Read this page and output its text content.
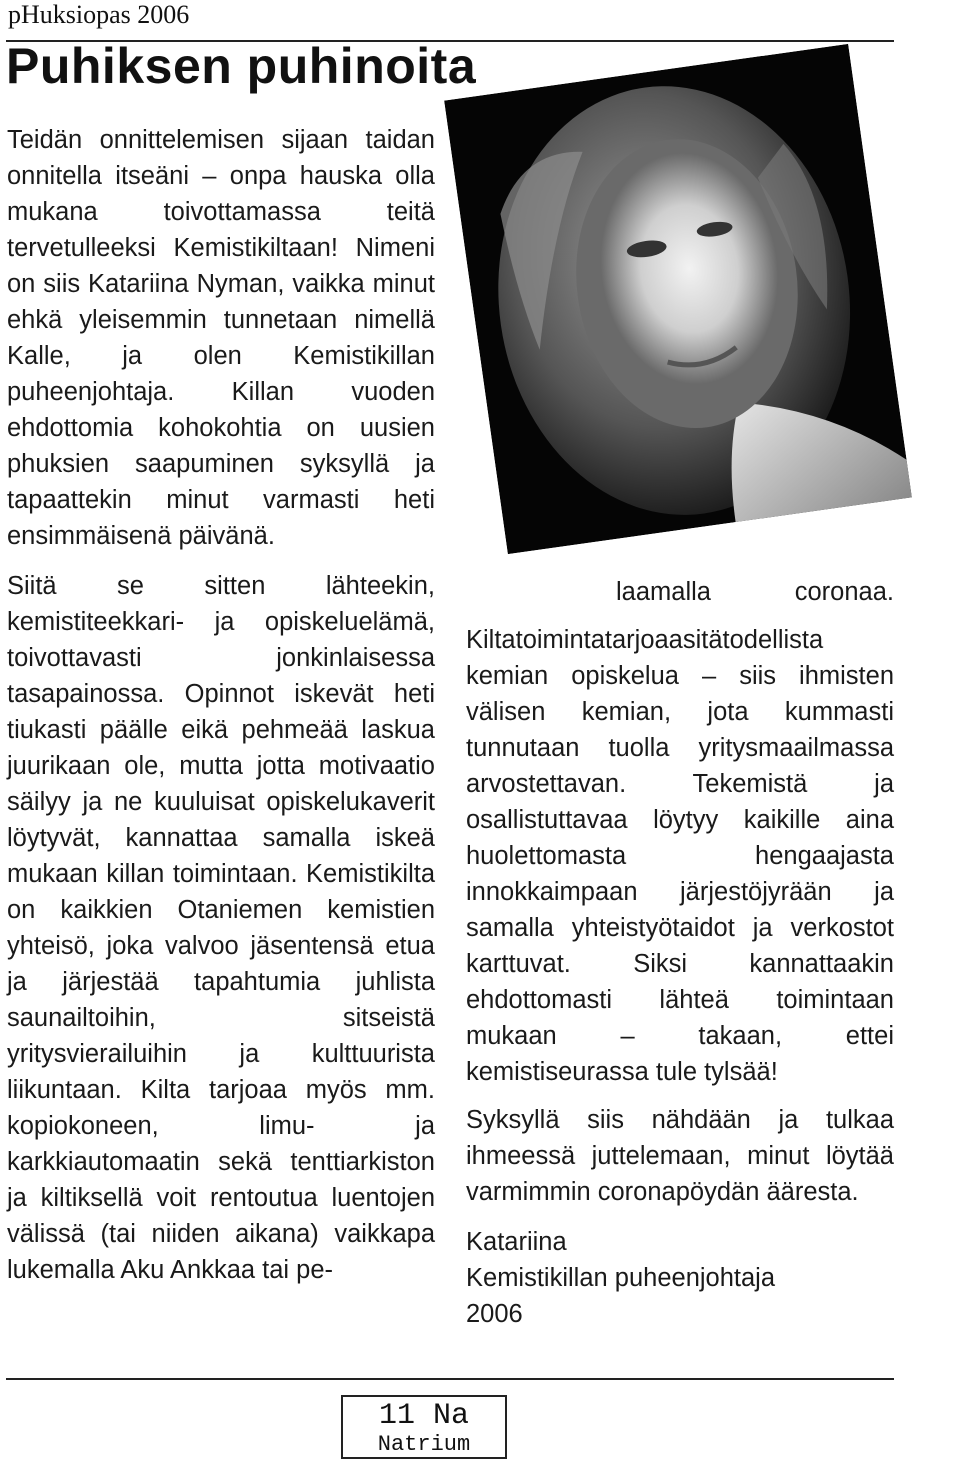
pHuksiopas 2006
Puhiksen puhinoita

Teidän onnittelemisen sijaan taidan onnitella itseäni – onpa hauska olla mukana toivottamassa teitä tervetulleeksi Kemistikiltaan! Nimeni on siis Katariina Nyman, vaikka minut ehkä yleisemmin tunnetaan nimellä Kalle, ja olen Kemistikillan puheenjohtaja. Killan vuoden ehdottomia kohokohtia on uusien phuksien saapuminen syksyllä ja tapaattekin minut varmasti heti ensimmäisenä päivänä.

Siitä se sitten lähteekin, kemistiteekkari- ja opiskeluelämä, toivottavasti jonkinlaisessa tasapainossa. Opinnot iskevät heti tiukasti päälle eikä pehmeää laskua juurikaan ole, mutta jotta motivaatio säilyy ja ne kuuluisat opiskelukaverit löytyvät, kannattaa samalla iskeä mukaan killan toimintaan. Kemistikilta on kaikkien Otaniemen kemistien yhteisö, joka valvoo jäsentensä etua ja järjestää tapahtumia juhlista saunailtoihin, sitseistä yritysvierailuihin ja kulttuurista liikuntaan. Kilta tarjoaa myös mm. kopiokoneen, limu- ja karkkiautomaatin sekä tenttiarkiston ja kiltiksellä voit rentoutua luentojen välissä (tai niiden aikana) vaikkapa lukemalla Aku Ankkaa tai pe-

laamalla coronaa.

Kiltatoimintatarjoaasitätodellista kemian opiskelua – siis ihmisten välisen kemian, jota kummasti tunnutaan tuolla yritysmaailmassa arvostettavan. Tekemistä ja osallistuttavaa löytyy kaikille aina huolettomasta hengaajasta innokkaimpaan järjestöjyrään ja samalla yhteistyötaidot ja verkostot karttuvat. Siksi kannattaakin ehdottomasti lähteä toimintaan mukaan – takaan, ettei kemistiseurassa tule tylsää!

Syksyllä siis nähdään ja tulkaa ihmeessä juttelemaan, minut löytää varmimmin coronapöydän ääresta.

Katariina
Kemistikillan puheenjohtaja
2006
11 Na
Natrium
